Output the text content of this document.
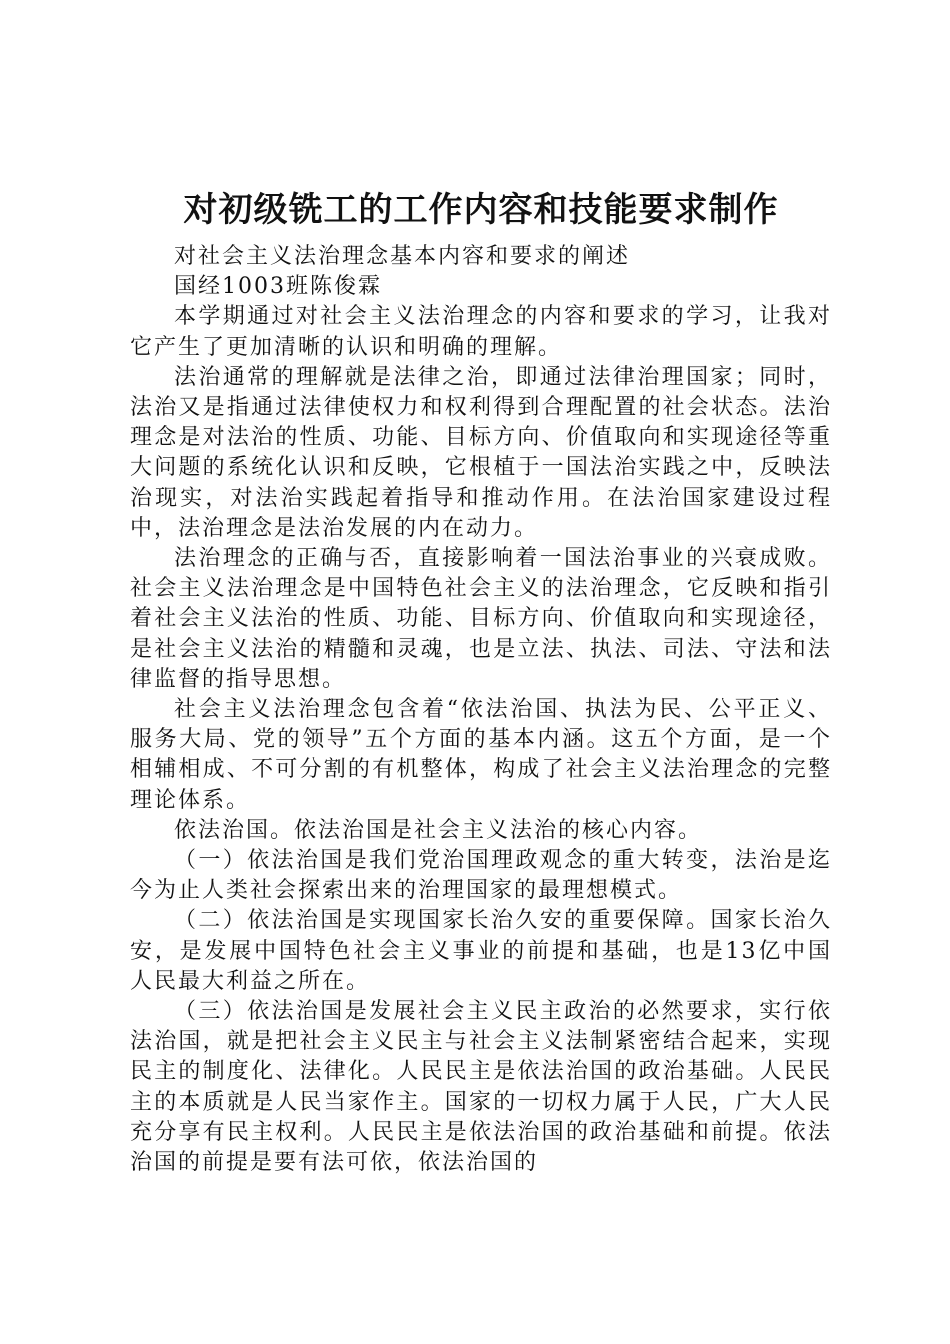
对初级铣工的工作内容和技能要求制作

对社会主义法治理念基本内容和要求的阐述

国经1003班陈俊霖

本学期通过对社会主义法治理念的内容和要求的学习，让我对它产生了更加清晰的认识和明确的理解。

法治通常的理解就是法律之治，即通过法律治理国家；同时，法治又是指通过法律使权力和权利得到合理配置的社会状态。法治理念是对法治的性质、功能、目标方向、价值取向和实现途径等重大问题的系统化认识和反映，它根植于一国法治实践之中，反映法治现实，对法治实践起着指导和推动作用。在法治国家建设过程中，法治理念是法治发展的内在动力。

法治理念的正确与否，直接影响着一国法治事业的兴衰成败。社会主义法治理念是中国特色社会主义的法治理念，它反映和指引着社会主义法治的性质、功能、目标方向、价值取向和实现途径，是社会主义法治的精髓和灵魂，也是立法、执法、司法、守法和法律监督的指导思想。

社会主义法治理念包含着“依法治国、执法为民、公平正义、服务大局、党的领导”五个方面的基本内涵。这五个方面，是一个相辅相成、不可分割的有机整体，构成了社会主义法治理念的完整理论体系。

依法治国。依法治国是社会主义法治的核心内容。

（一）依法治国是我们党治国理政观念的重大转变，法治是迄今为止人类社会探索出来的治理国家的最理想模式。

（二）依法治国是实现国家长治久安的重要保障。国家长治久安，是发展中国特色社会主义事业的前提和基础，也是13亿中国人民最大利益之所在。

（三）依法治国是发展社会主义民主政治的必然要求，实行依法治国，就是把社会主义民主与社会主义法制紧密结合起来，实现民主的制度化、法律化。人民民主是依法治国的政治基础。人民民主的本质就是人民当家作主。国家的一切权力属于人民，广大人民充分享有民主权利。人民民主是依法治国的政治基础和前提。依法治国的前提是要有法可依，依法治国的
